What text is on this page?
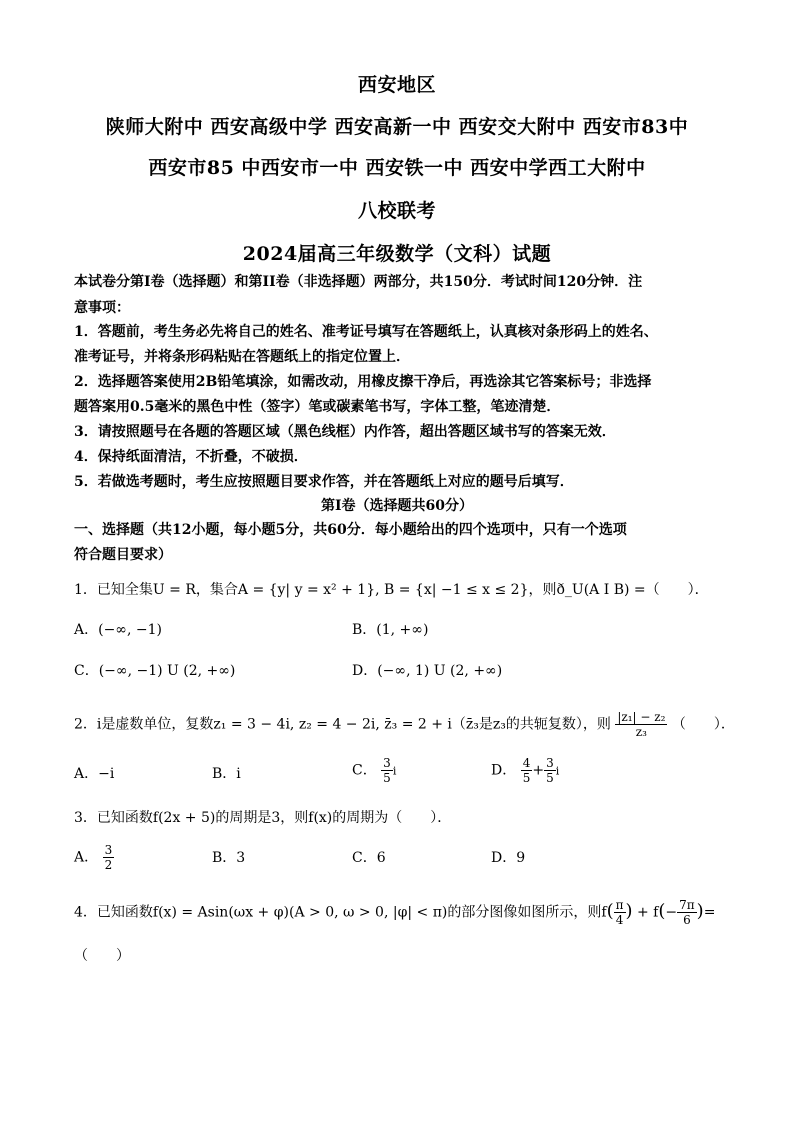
西安地区
陕师大附中 西安高级中学 西安高新一中 西安交大附中 西安市83中
西安市85 中西安市一中 西安铁一中 西安中学西工大附中
八校联考
2024届高三年级数学（文科）试题
本试卷分第I卷（选择题）和第II卷（非选择题）两部分，共150分．考试时间120分钟．注
意事项：
1．答题前，考生务必先将自己的姓名、准考证号填写在答题纸上，认真核对条形码上的姓名、
准考证号，并将条形码粘贴在答题纸上的指定位置上．
2．选择题答案使用2B铅笔填涂，如需改动，用橡皮擦干净后，再选涂其它答案标号；非选择
题答案用0.5毫米的黑色中性（签字）笔或碳素笔书写，字体工整，笔迹清楚．
3．请按照题号在各题的答题区域（黑色线框）内作答，超出答题区域书写的答案无效．
4．保持纸面清洁，不折叠，不破损．
5．若做选考题时，考生应按照题目要求作答，并在答题纸上对应的题号后填写．
第I卷（选择题共60分）
一、选择题（共12小题，每小题5分，共60分．每小题给出的四个选项中，只有一个选项
符合题目要求）
1．已知全集U = R，集合A = {y| y = x² + 1}, B = {x| −1 ≤ x ≤ 2}，则ð_U(A I B) =（　　）．
A．(−∞, −1)	B．(1, +∞)
C．(−∞, −1) U (2, +∞)	D．(−∞, 1) U (2, +∞)
2．i是虚数单位，复数z₁ = 3 − 4i, z₂ = 4 − 2i, z̄₃ = 2 + i（z̄₃是z₃的共轭复数），则 $\frac{\text{|z₁| − z₂}}{\text{z₃}}$ （　　）．
A．−i	B．i	C． $\frac{3}{5}$ i	D． $\frac{4}{5} + \frac{3}{5}$ i
3．已知函数f(2x + 5)的周期是3，则f(x)的周期为（　　）．
A． $\frac{3}{2}$	B．3	C．6	D．9
4．已知函数f(x) = Asin(ωx + φ)(A > 0, ω > 0, |φ| < π)的部分图像如图所示，则$f( \frac{\pi}{4}$ ) + $f(- \frac{7\pi}{6}$ )=
（　　）
